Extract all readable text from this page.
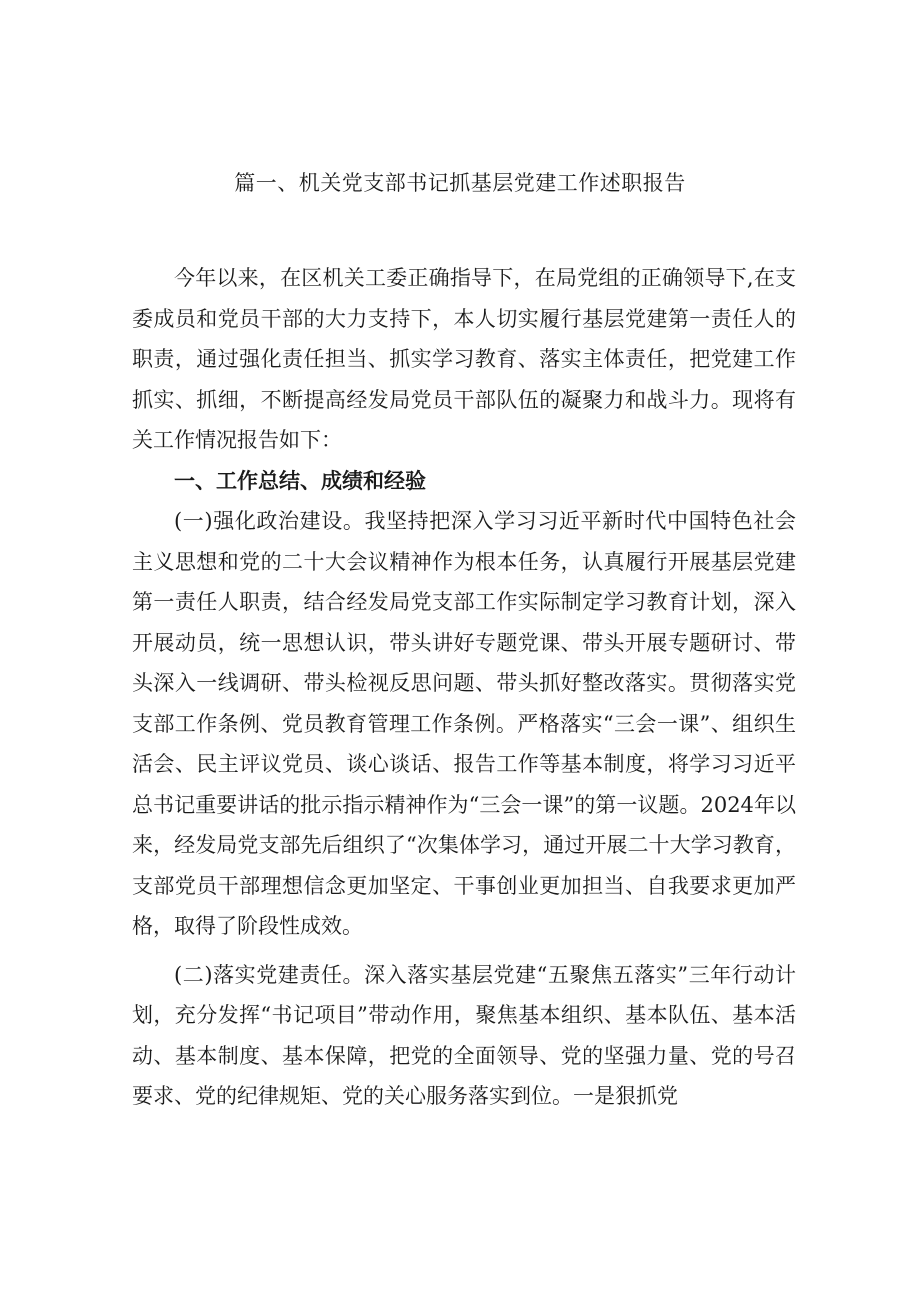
篇一、机关党支部书记抓基层党建工作述职报告

今年以来，在区机关工委正确指导下，在局党组的正确领导下,在支委成员和党员干部的大力支持下，本人切实履行基层党建第一责任人的职责，通过强化责任担当、抓实学习教育、落实主体责任，把党建工作抓实、抓细，不断提高经发局党员干部队伍的凝聚力和战斗力。现将有关工作情况报告如下：

一、工作总结、成绩和经验

(一)强化政治建设。我坚持把深入学习习近平新时代中国特色社会主义思想和党的二十大会议精神作为根本任务，认真履行开展基层党建第一责任人职责，结合经发局党支部工作实际制定学习教育计划，深入开展动员，统一思想认识，带头讲好专题党课、带头开展专题研讨、带头深入一线调研、带头检视反思问题、带头抓好整改落实。贯彻落实党支部工作条例、党员教育管理工作条例。严格落实“三会一课”、组织生活会、民主评议党员、谈心谈话、报告工作等基本制度，将学习习近平总书记重要讲话的批示指示精神作为“三会一课”的第一议题。2024年以来，经发局党支部先后组织了“次集体学习，通过开展二十大学习教育，支部党员干部理想信念更加坚定、干事创业更加担当、自我要求更加严格，取得了阶段性成效。

(二)落实党建责任。深入落实基层党建“五聚焦五落实”三年行动计划，充分发挥“书记项目”带动作用，聚焦基本组织、基本队伍、基本活动、基本制度、基本保障，把党的全面领导、党的坚强力量、党的号召要求、党的纪律规矩、党的关心服务落实到位。一是狠抓党
